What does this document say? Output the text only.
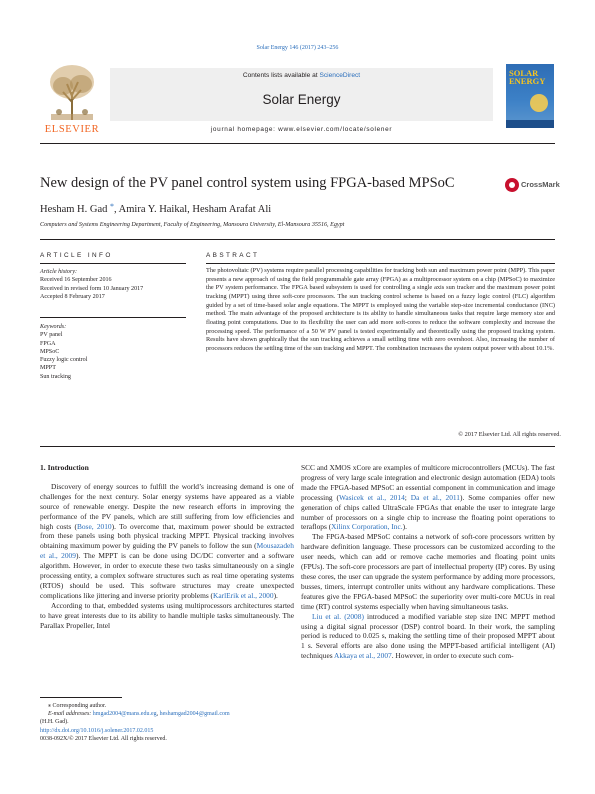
Solar Energy 146 (2017) 243–256
ELSEVIER
Contents lists available at ScienceDirect
Solar Energy
journal homepage: www.elsevier.com/locate/solener
SOLAR
ENERGY
New design of the PV panel control system using FPGA-based MPSoC	CrossMark
Hesham H. Gad *, Amira Y. Haikal, Hesham Arafat Ali
Computers and Systems Engineering Department, Faculty of Engineering, Mansoura University, El-Mansoura 35516, Egypt
ARTICLE INFO
Article history:
Received 16 September 2016
Received in revised form 10 January 2017
Accepted 8 February 2017
Keywords:
PV panel
FPGA
MPSoC
Fuzzy logic control
MPPT
Sun tracking
ABSTRACT
The photovoltaic (PV) systems require parallel processing capabilities for tracking both sun and maximum power point (MPP). This paper presents a new approach of using the field programmable gate array (FPGA) as a multiprocessor system on a chip (MPSoC) to maximize the PV system performance. The FPGA based subsystem is used for controlling a single axis sun tracker and the maximum power point tracking (MPPT) using three soft-core processors. The sun tracking control scheme is based on a fuzzy logic control (FLC) algorithm guided by a set of time-based solar angle equations. The MPPT is employed using the variable step-size incremental conductance (INC) method. The main advantage of the proposed architecture is its ability to handle simultaneous tasks that require large memory size and floating point computations. Due to its flexibility the user can add more soft-cores to reduce the software complexity and increase the processing speed. The performance of a 50 W PV panel is tested experimentally and theoretically using the proposed tracking system. Results have shown graphically that the sun tracking achieves a small settling time with zero overshoot. Also, increasing the number of processors reduces the settling time of the sun tracking and MPPT. The combination increases the system output power with about 10.1%.
© 2017 Elsevier Ltd. All rights reserved.

1. Introduction

Discovery of energy sources to fulfill the world’s increasing demand is one of challenges for the next century. Solar energy systems have appeared as a viable source of renewable energy. Despite the new research efforts in improving the performance of the PV panels, which are still suffering from low efficiencies and high costs (Bose, 2010). To overcome that, maximum power should be extracted from these panels using both physical tracking MPPT. Physical tracking involves obtaining maximum power by guiding the PV panels to follow the sun (Mousazadeh et al., 2009). The MPPT is can be done using DC/DC converter and a software algorithm. However, in order to execute these two tasks simultaneously on a single processing entity, a complex software structures such as real time operating systems (RTOS) should be used. This software structures may create unexpected complications like jittering and inverse priority problems (KarlErik et al., 2000).

According to that, embedded systems using multiprocessors architectures started to have great interests due to its ability to handle multiple tasks simultaneously. The Parallax Propeller, Intel

SCC and XMOS xCore are examples of multicore microcontrollers (MCUs). The fast progress of very large scale integration and electronic design automation (EDA) tools made the FPGA-based MPSoC an essential component in communication and image processing (Wasicek et al., 2014; Da et al., 2011). Some companies offer new generation of chips called UltraScale FPGAs that enable the user to integrate large number of processors on a single chip to increase the floating point operations to teraflops (Xilinx Corporation, Inc.).

The FPGA-based MPSoC contains a network of soft-core processors written by hardware definition language. These processors can be customized according to the user needs, which can add or remove cache memories and floating point units (FPUs). The soft-core processors are part of intellectual property (IP) cores. By using these cores, the user can upgrade the system performance by adding more processors, busses, timers, interrupt controller units without any hardware complications. These features give the FPGA-based MPSoC the superiority over multi-core MCUs in real time (RT) control systems especially when having simultaneous tasks.

Liu et al. (2008) introduced a modified variable step size INC MPPT method using a digital signal processor (DSP) control board. In their work, the sampling period is reduced to 0.025 s, making the settling time of their proposed MPPT about 1 s. Several efforts are also done using the MPPT-based artificial intelligent (AI) techniques Akkaya et al., 2007. However, in order to execute such com-

⁎ Corresponding author.
E-mail addresses: hmgad2004@mans.edu.eg, heshamgad2004@gmail.com
(H.H. Gad).
http://dx.doi.org/10.1016/j.solener.2017.02.015
0038-092X/© 2017 Elsevier Ltd. All rights reserved.
